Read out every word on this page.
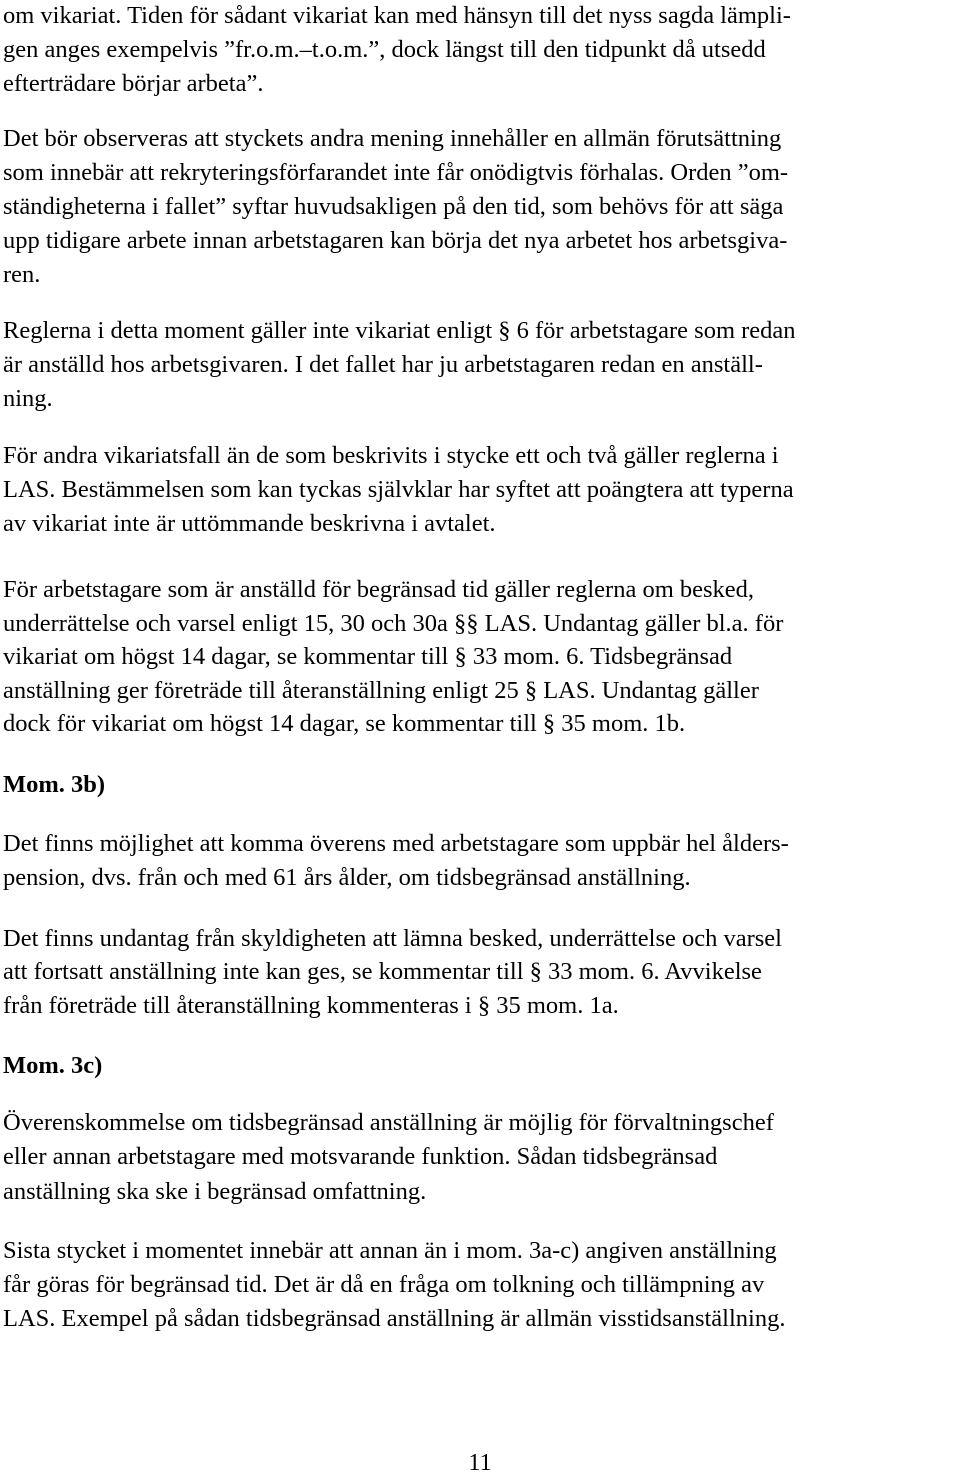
om vikariat. Tiden för sådant vikariat kan med hänsyn till det nyss sagda lämpli-
gen anges exempelvis ”fr.o.m.–t.o.m.”, dock längst till den tidpunkt då utsedd
efterträdare börjar arbeta”.
Det bör observeras att styckets andra mening innehåller en allmän förutsättning
som innebär att rekryteringsförfarandet inte får onödigtvis förhalas. Orden ”om-
ständigheterna i fallet” syftar huvudsakligen på den tid, som behövs för att säga
upp tidigare arbete innan arbetstagaren kan börja det nya arbetet hos arbetsgiva-
ren.
Reglerna i detta moment gäller inte vikariat enligt § 6 för arbetstagare som redan
är anställd hos arbetsgivaren. I det fallet har ju arbetstagaren redan en anställ-
ning.
För andra vikariatsfall än de som beskrivits i stycke ett och två gäller reglerna i
LAS. Bestämmelsen som kan tyckas självklar har syftet att poängtera att typerna
av vikariat inte är uttömmande beskrivna i avtalet.
För arbetstagare som är anställd för begränsad tid gäller reglerna om besked,
underrättelse och varsel enligt 15, 30 och 30a §§ LAS. Undantag gäller bl.a. för
vikariat om högst 14 dagar, se kommentar till § 33 mom. 6. Tidsbegränsad
anställning ger företräde till återanställning enligt 25 § LAS. Undantag gäller
dock för vikariat om högst 14 dagar, se kommentar till § 35 mom. 1b.
Mom. 3b)
Det finns möjlighet att komma överens med arbetstagare som uppbär hel ålders-
pension, dvs. från och med 61 års ålder, om tidsbegränsad anställning.
Det finns undantag från skyldigheten att lämna besked, underrättelse och varsel
att fortsatt anställning inte kan ges, se kommentar till § 33 mom. 6. Avvikelse
från företräde till återanställning kommenteras i § 35 mom. 1a.
Mom. 3c)
Överenskommelse om tidsbegränsad anställning är möjlig för förvaltningschef
eller annan arbetstagare med motsvarande funktion. Sådan tidsbegränsad
anställning ska ske i begränsad omfattning.
Sista stycket i momentet innebär att annan än i mom. 3a-c) angiven anställning
får göras för begränsad tid. Det är då en fråga om tolkning och tillämpning av
LAS. Exempel på sådan tidsbegränsad anställning är allmän visstidsanställning.
11
